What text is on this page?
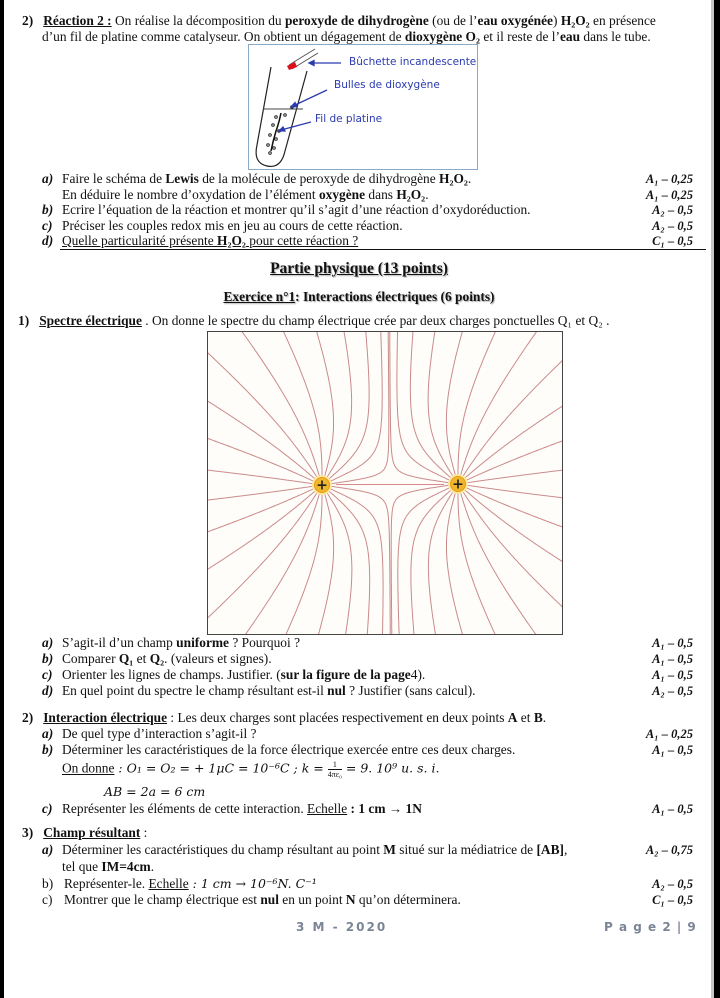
2) Réaction 2 : On réalise la décomposition du peroxyde de dihydrogène (ou de l’eau oxygénée) H₂O₂ en présence
d’un fil de platine comme catalyseur. On obtient un dégagement de dioxygène O₂ et il reste de l’eau dans le tube.
Bûchette incandescente
Bulles de dioxygène
Fil de platine
a) Faire le schéma de Lewis de la molécule de peroxyde de dihydrogène H₂O₂.	A₁ – 0,25
En déduire le nombre d’oxydation de l’élément oxygène dans H₂O₂.	A₁ – 0,25
b) Ecrire l’équation de la réaction et montrer qu’il s’agit d’une réaction d’oxydoréduction.	A₂ – 0,5
c) Préciser les couples redox mis en jeu au cours de cette réaction.	A₂ – 0,5
d) Quelle particularité présente H₂O₂ pour cette réaction ?	C₁ – 0,5
Partie physique (13 points)
Exercice n°1: Interactions électriques (6 points)
1) Spectre électrique . On donne le spectre du champ électrique crée par deux charges ponctuelles Q₁ et Q₂ .
+	+
a) S’agit-il d’un champ uniforme ? Pourquoi ?	A₁ – 0,5
b) Comparer Q₁ et Q₂. (valeurs et signes).	A₁ – 0,5
c) Orienter les lignes de champs. Justifier. (sur la figure de la page4).	A₁ – 0,5
d) En quel point du spectre le champ résultant est-il nul ? Justifier (sans calcul).	A₂ – 0,5
2) Interaction électrique : Les deux charges sont placées respectivement en deux points A et B.
a) De quel type d’interaction s’agit-il ?	A₁ – 0,25
b) Déterminer les caractéristiques de la force électrique exercée entre ces deux charges.	A₁ – 0,5
On donne : O₁ = O₂ = + 1μC = 10⁻⁶C ; $k = \frac{1}{\text{4πε₀}} = 9$. 10⁹ u. s. i.
AB = 2a = 6 cm
c) Représenter les éléments de cette interaction. Echelle : 1 cm → 1N	A₁ – 0,5
3) Champ résultant :
a) Déterminer les caractéristiques du champ résultant au point M situé sur la médiatrice de [AB],	A₂ – 0,75
tel que IM=4cm.
b) Représenter-le. Echelle : 1 cm → 10⁻⁶N. C⁻¹	A₂ – 0,5
c) Montrer que le champ électrique est nul en un point N qu’on déterminera.	C₁ – 0,5
3 M - 2020	P a g e 2 | 9
